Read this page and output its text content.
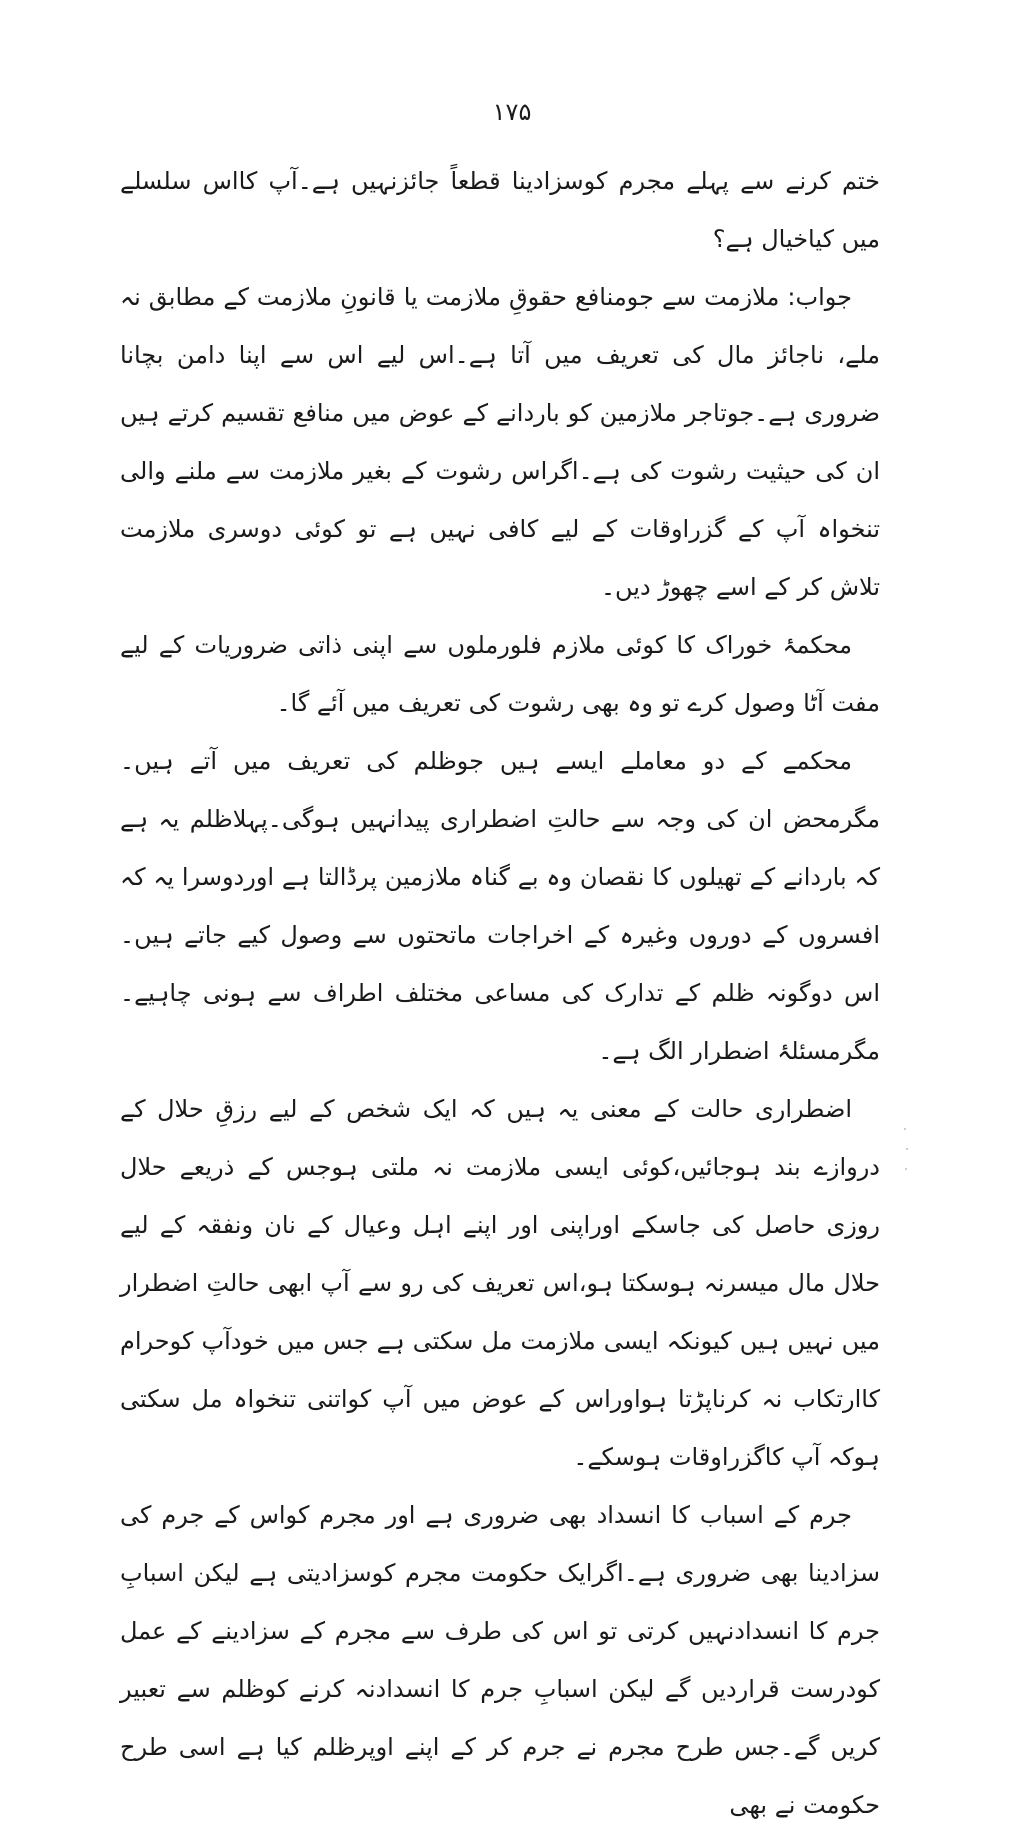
۱۷۵

ختم کرنے سے پہلے مجرم کوسزادینا قطعاً جائزنہیں ہے۔آپ کااس سلسلے میں کیاخیال ہے؟

جواب: ملازمت سے جومنافع حقوقِ ملازمت یا قانونِ ملازمت کے مطابق نہ ملے، ناجائز مال کی تعریف میں آتا ہے۔اس لیے اس سے اپنا دامن بچانا ضروری ہے۔جوتاجر ملازمین کو باردانے کے عوض میں منافع تقسیم کرتے ہیں ان کی حیثیت رشوت کی ہے۔اگراس رشوت کے بغیر ملازمت سے ملنے والی تنخواہ آپ کے گزراوقات کے لیے کافی نہیں ہے تو کوئی دوسری ملازمت تلاش کر کے اسے چھوڑ دیں۔

محکمۂ خوراک کا کوئی ملازم فلورملوں سے اپنی ذاتی ضروریات کے لیے مفت آٹا وصول کرے تو وہ بھی رشوت کی تعریف میں آئے گا۔

محکمے کے دو معاملے ایسے ہیں جوظلم کی تعریف میں آتے ہیں۔مگرمحض ان کی وجہ سے حالتِ اضطراری پیدانہیں ہوگی۔پہلاظلم یہ ہے کہ باردانے کے تھیلوں کا نقصان وہ بے گناہ ملازمین پرڈالتا ہے اوردوسرا یہ کہ افسروں کے دوروں وغیرہ کے اخراجات ماتحتوں سے وصول کیے جاتے ہیں۔اس دوگونہ ظلم کے تدارک کی مساعی مختلف اطراف سے ہونی چاہیے۔مگرمسئلۂ اضطرار الگ ہے۔

اضطراری حالت کے معنی یہ ہیں کہ ایک شخص کے لیے رزقِ حلال کے دروازے بند ہوجائیں،کوئی ایسی ملازمت نہ ملتی ہوجس کے ذریعے حلال روزی حاصل کی جاسکے اوراپنی اور اپنے اہل وعیال کے نان ونفقہ کے لیے حلال مال میسرنہ ہوسکتا ہو،اس تعریف کی رو سے آپ ابھی حالتِ اضطرار میں نہیں ہیں کیونکہ ایسی ملازمت مل سکتی ہے جس میں خودآپ کوحرام کاارتکاب نہ کرناپڑتا ہواوراس کے عوض میں آپ کواتنی تنخواہ مل سکتی ہوکہ آپ کاگزراوقات ہوسکے۔

جرم کے اسباب کا انسداد بھی ضروری ہے اور مجرم کواس کے جرم کی سزادینا بھی ضروری ہے۔اگرایک حکومت مجرم کوسزادیتی ہے لیکن اسبابِ جرم کا انسدادنہیں کرتی تو اس کی طرف سے مجرم کے سزادینے کے عمل کودرست قراردیں گے لیکن اسبابِ جرم کا انسدادنہ کرنے کوظلم سے تعبیر کریں گے۔جس طرح مجرم نے جرم کر کے اپنے اوپرظلم کیا ہے اسی طرح حکومت نے بھی
